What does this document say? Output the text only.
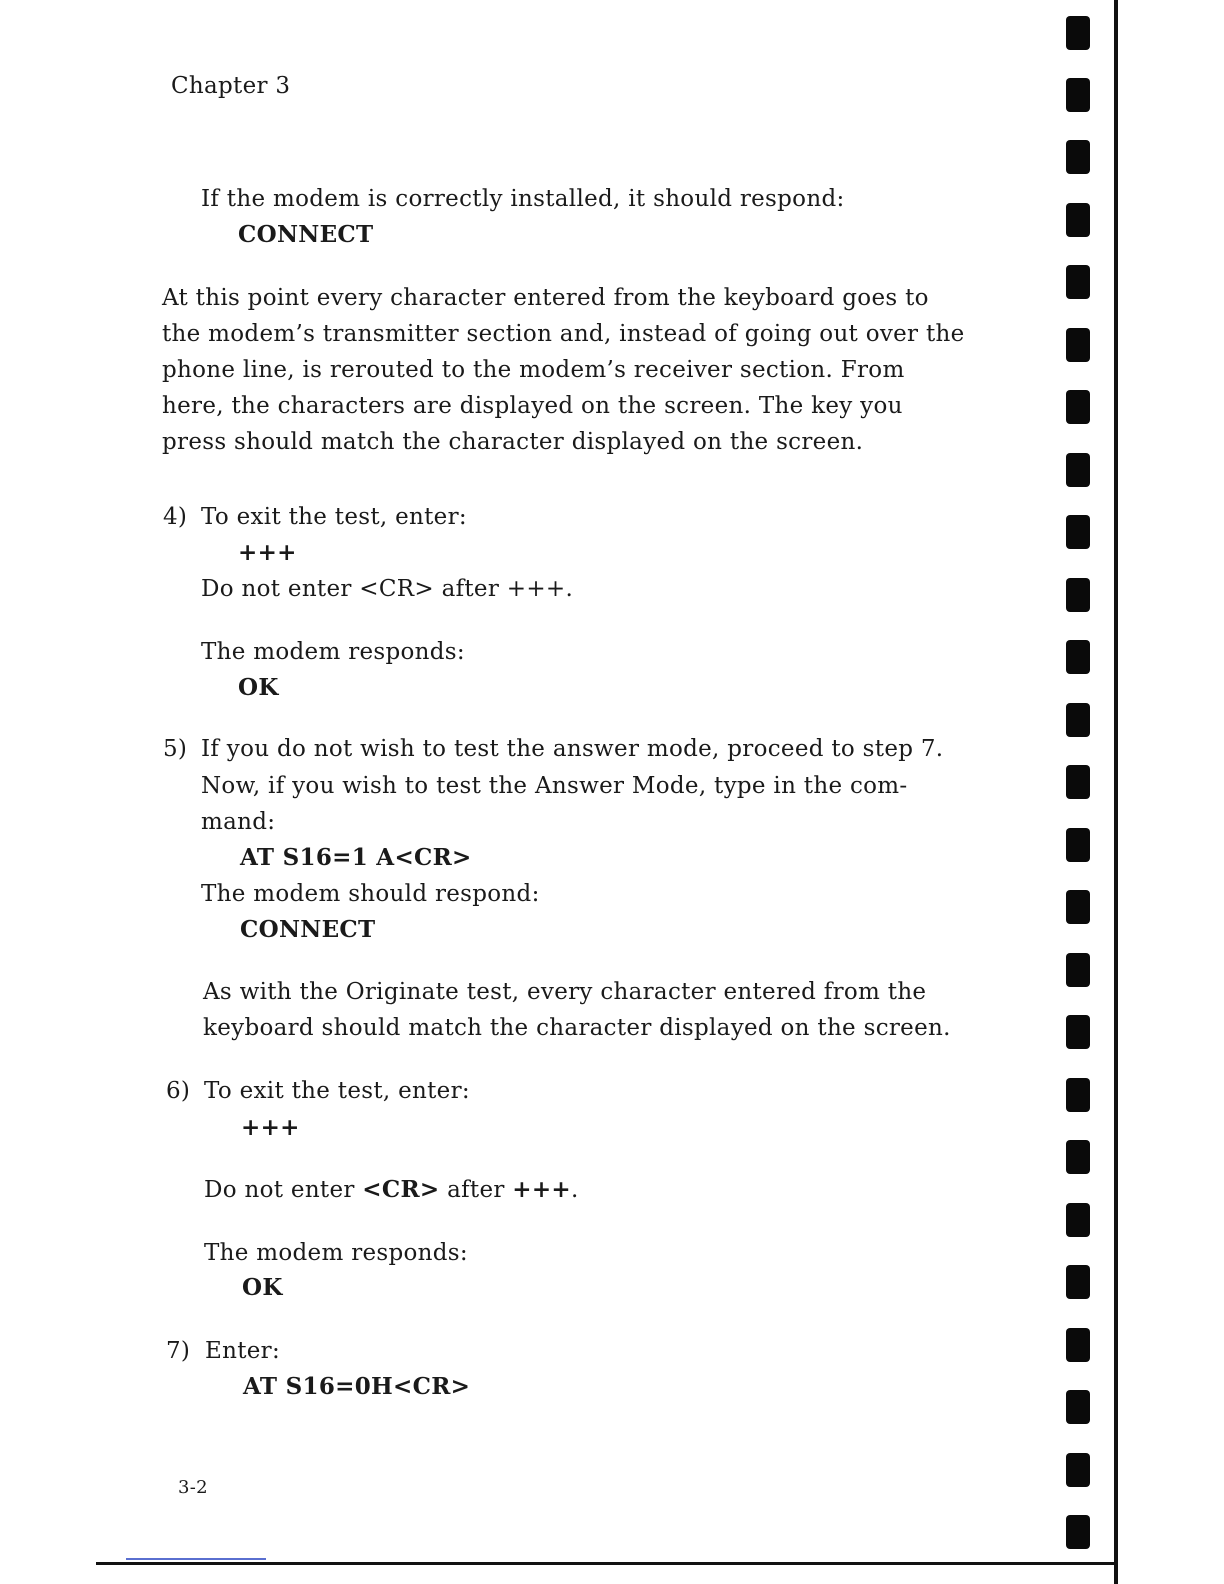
Chapter 3
If the modem is correctly installed, it should respond:
CONNECT
At this point every character entered from the keyboard goes to
the modem’s transmitter section and, instead of going out over the
phone line, is rerouted to the modem’s receiver section. From
here, the characters are displayed on the screen. The key you
press should match the character displayed on the screen.
4) To exit the test, enter:
+++
Do not enter <CR> after +++.
The modem responds:
OK
5) If you do not wish to test the answer mode, proceed to step 7.
Now, if you wish to test the Answer Mode, type in the com-
mand:
AT S16=1 A<CR>
The modem should respond:
CONNECT
As with the Originate test, every character entered from the
keyboard should match the character displayed on the screen.
6) To exit the test, enter:
+++
Do not enter <CR> after +++.
The modem responds:
OK
7) Enter:
AT S16=0H<CR>
3-2
